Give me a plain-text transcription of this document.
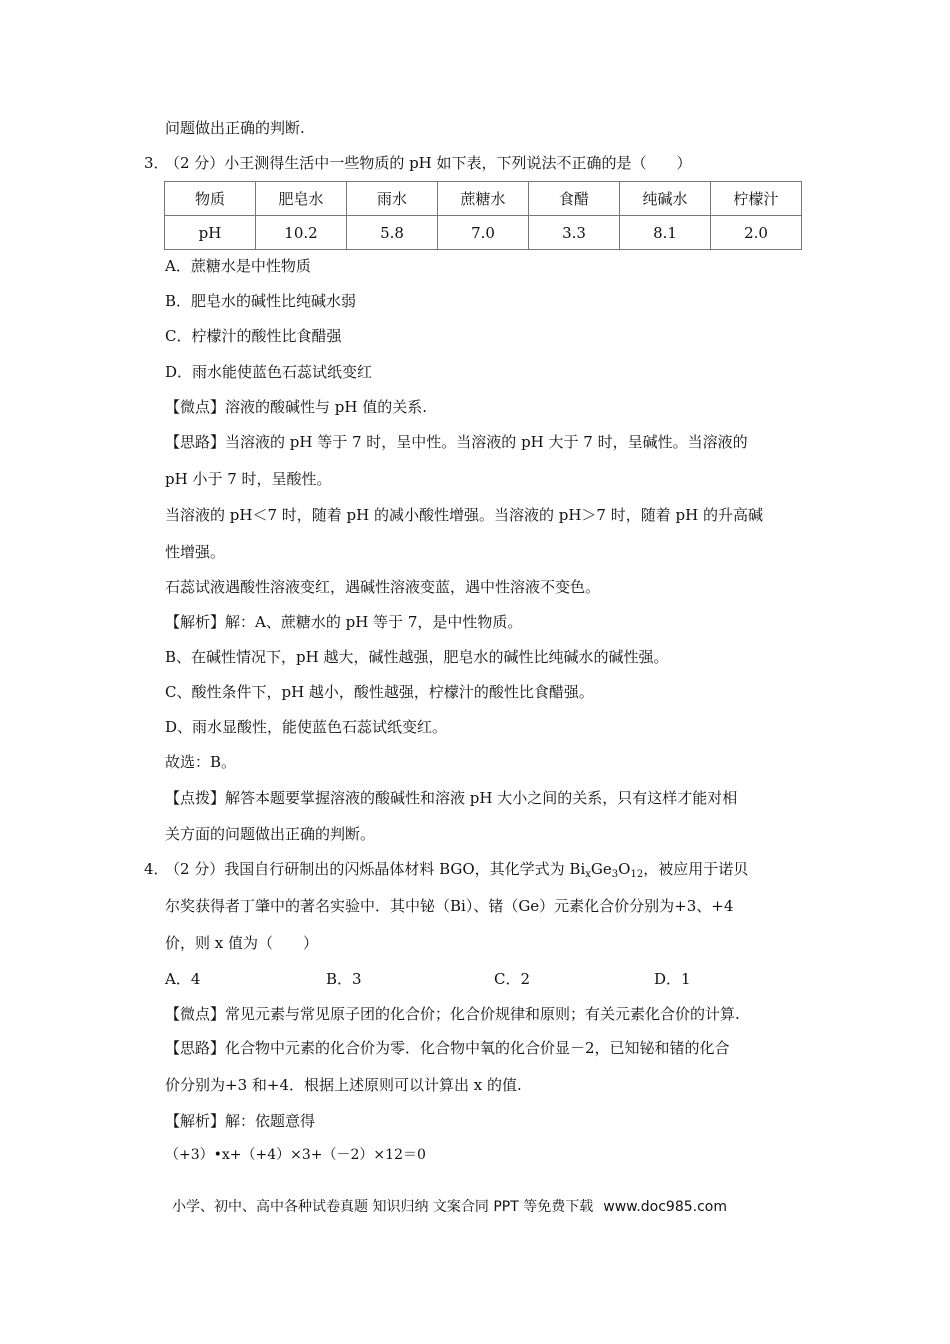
问题做出正确的判断.
3．
（2 分）小王测得生活中一些物质的 pH 如下表，下列说法不正确的是（　　）
物质	肥皂水	雨水	蔗糖水	食醋	纯碱水	柠檬汁
pH	10.2	5.8	7.0	3.3	8.1	2.0
A．蔗糖水是中性物质
B．肥皂水的碱性比纯碱水弱
C．柠檬汁的酸性比食醋强
D．雨水能使蓝色石蕊试纸变红
【微点】溶液的酸碱性与 pH 值的关系.
【思路】当溶液的 pH 等于 7 时，呈中性。当溶液的 pH 大于 7 时，呈碱性。当溶液的
pH 小于 7 时，呈酸性。
当溶液的 pH＜7 时，随着 pH 的减小酸性增强。当溶液的 pH＞7 时，随着 pH 的升高碱
性增强。
石蕊试液遇酸性溶液变红，遇碱性溶液变蓝，遇中性溶液不变色。
【解析】解：A、蔗糖水的 pH 等于 7，是中性物质。
B、在碱性情况下，pH 越大，碱性越强，肥皂水的碱性比纯碱水的碱性强。
C、酸性条件下，pH 越小，酸性越强，柠檬汁的酸性比食醋强。
D、雨水显酸性，能使蓝色石蕊试纸变红。
故选：B。
【点拨】解答本题要掌握溶液的酸碱性和溶液 pH 大小之间的关系，只有这样才能对相
关方面的问题做出正确的判断。
4．
（2 分）我国自行研制出的闪烁晶体材料 BGO，其化学式为 $Bi_xGe_3O_{12}$，被应用于诺贝
尔奖获得者丁肇中的著名实验中．其中铋（Bi）、锗（Ge）元素化合价分别为+3、+4
价，则 x 值为（　　）
A．4	B．3	C．2	D．1
【微点】常见元素与常见原子团的化合价；化合价规律和原则；有关元素化合价的计算.
【思路】化合物中元素的化合价为零．化合物中氧的化合价显－2，已知铋和锗的化合
价分别为+3 和+4．根据上述原则可以计算出 x 的值.
【解析】解：依题意得
（+3）•x+（+4）×3+（－2）×12＝0
小学、初中、高中各种试卷真题 知识归纳 文案合同 PPT 等免费下载 www.doc985.com
